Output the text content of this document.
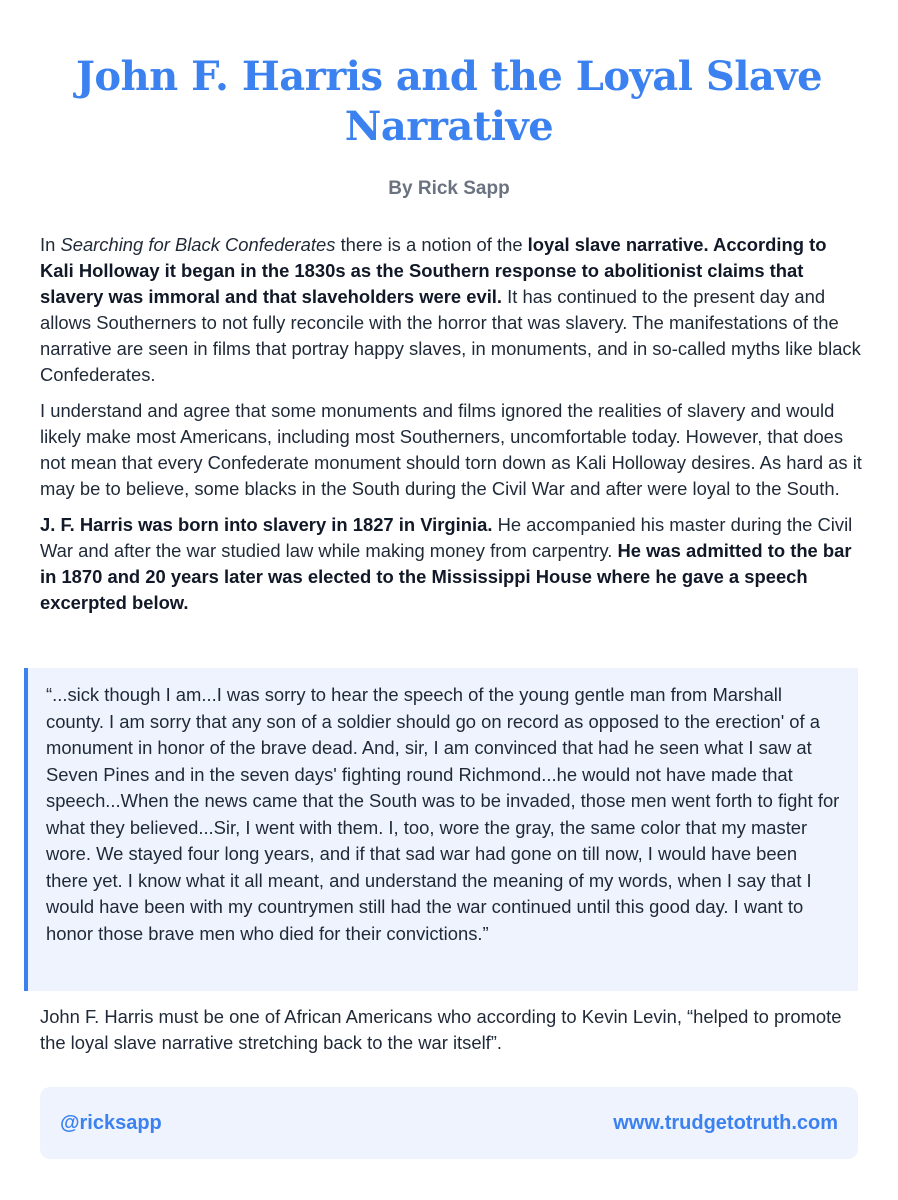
John F. Harris and the Loyal Slave Narrative

By Rick Sapp

In Searching for Black Confederates there is a notion of the loyal slave narrative. According to Kali Holloway it began in the 1830s as the Southern response to abolitionist claims that slavery was immoral and that slaveholders were evil. It has continued to the present day and allows Southerners to not fully reconcile with the horror that was slavery. The manifestations of the narrative are seen in films that portray happy slaves, in monuments, and in so-called myths like black Confederates.

I understand and agree that some monuments and films ignored the realities of slavery and would likely make most Americans, including most Southerners, uncomfortable today. However, that does not mean that every Confederate monument should torn down as Kali Holloway desires. As hard as it may be to believe, some blacks in the South during the Civil War and after were loyal to the South.

J. F. Harris was born into slavery in 1827 in Virginia. He accompanied his master during the Civil War and after the war studied law while making money from carpentry. He was admitted to the bar in 1870 and 20 years later was elected to the Mississippi House where he gave a speech excerpted below.

“...sick though I am...I was sorry to hear the speech of the young gentle man from Marshall county. I am sorry that any son of a soldier should go on record as opposed to the erection' of a monument in honor of the brave dead. And, sir, I am convinced that had he seen what I saw at Seven Pines and in the seven days' fighting round Richmond...he would not have made that speech...When the news came that the South was to be invaded, those men went forth to fight for what they believed...Sir, I went with them. I, too, wore the gray, the same color that my master wore. We stayed four long years, and if that sad war had gone on till now, I would have been there yet. I know what it all meant, and understand the meaning of my words, when I say that I would have been with my countrymen still had the war continued until this good day. I want to honor those brave men who died for their convictions.”

John F. Harris must be one of African Americans who according to Kevin Levin, “helped to promote the loyal slave narrative stretching back to the war itself”.

@ricksapp	www.trudgetotruth.com
